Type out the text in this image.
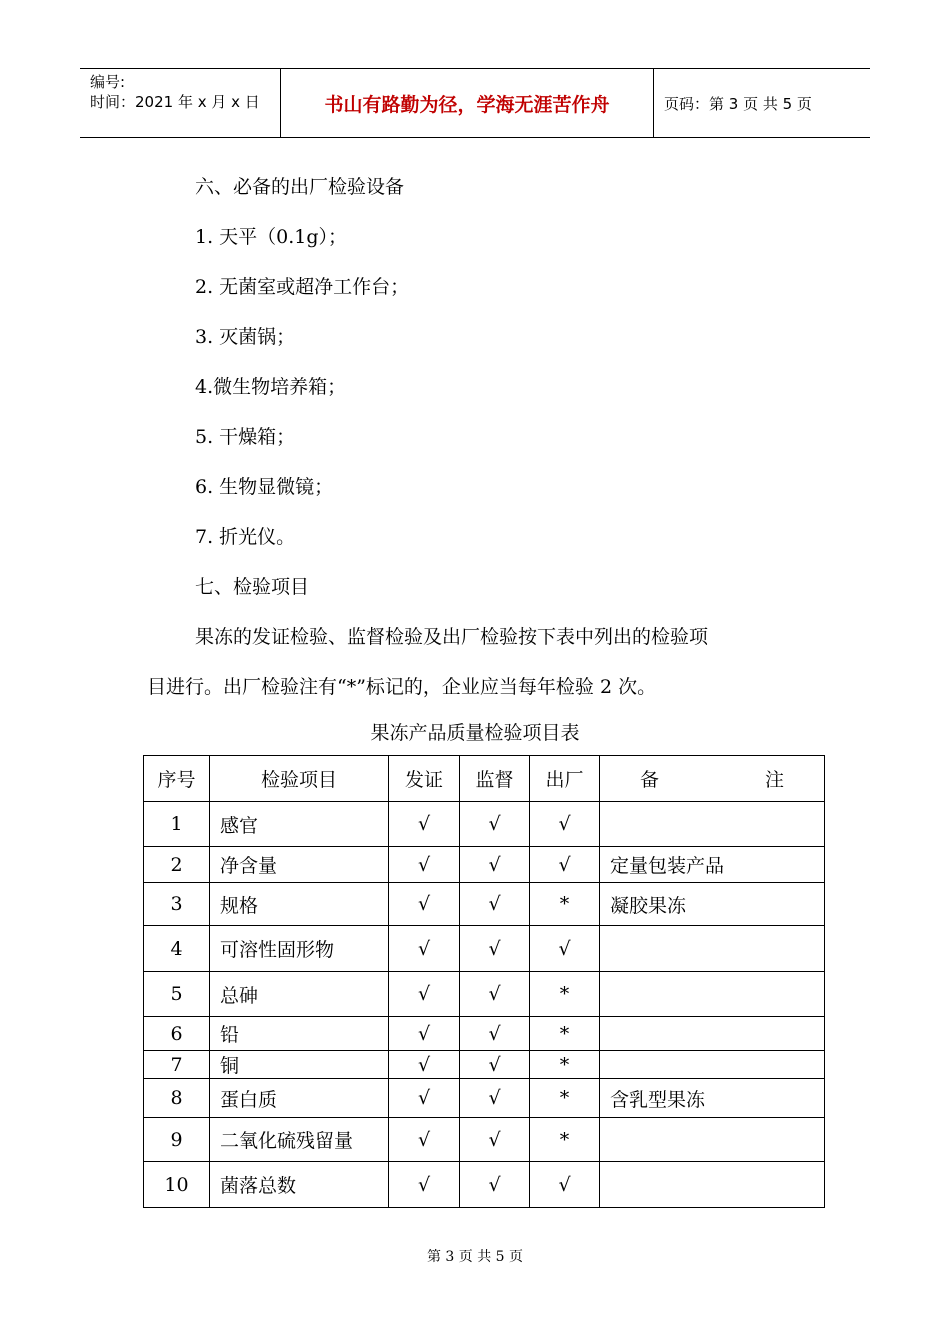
编号:
时间：2021 年 x 月 x 日	书山有路勤为径，学海无涯苦作舟	页码：第 3 页 共 5 页
六、必备的出厂检验设备
1. 天平（0.1g）；
2. 无菌室或超净工作台；
3. 灭菌锅；
4.微生物培养箱；
5. 干燥箱；
6. 生物显微镜；
7. 折光仪。
七、检验项目
果冻的发证检验、监督检验及出厂检验按下表中列出的检验项
目进行。出厂检验注有“*”标记的，企业应当每年检验 2 次。
果冻产品质量检验项目表
序号	检验项目	发证	监督	出厂	备 注

1	感官	√	√	√	
2	净含量	√	√	√	定量包装产品
3	规格	√	√	*	凝胶果冻
4	可溶性固形物	√	√	√	
5	总砷	√	√	*	
6	铅	√	√	*	
7	铜	√	√	*	
8	蛋白质	√	√	*	含乳型果冻
9	二氧化硫残留量	√	√	*	
10	菌落总数	√	√	√	
第 3 页 共 5 页
